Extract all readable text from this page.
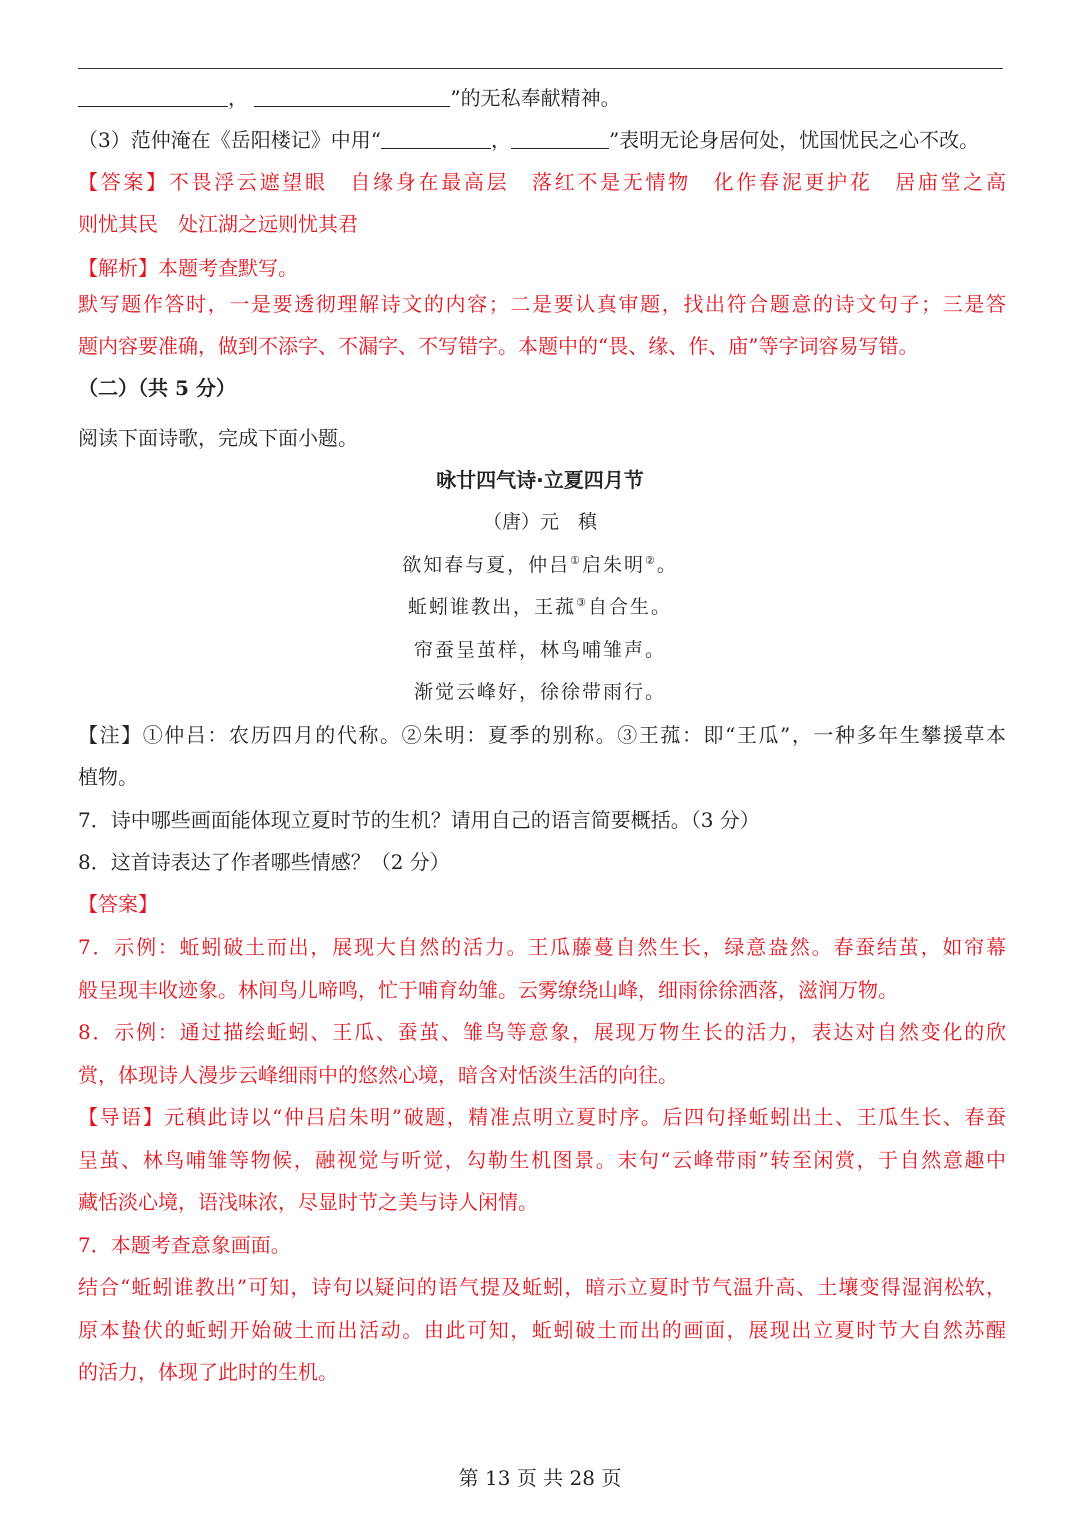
，	”的无私奉献精神。
（3）范仲淹在《岳阳楼记》中用“	，	”表明无论身居何处，忧国忧民之心不改。
【答案】不畏浮云遮望眼　自缘身在最高层　落红不是无情物　化作春泥更护花　居庙堂之高
则忧其民　处江湖之远则忧其君
【解析】本题考查默写。
默写题作答时，一是要透彻理解诗文的内容；二是要认真审题，找出符合题意的诗文句子；三是答
题内容要准确，做到不添字、不漏字、不写错字。本题中的“畏、缘、作、庙”等字词容易写错。
（二）（共 5 分）
阅读下面诗歌，完成下面小题。
咏廿四气诗·立夏四月节
（唐）元　稹
欲知春与夏，仲吕①启朱明②。
蚯蚓谁教出，王菰③自合生。
帘蚕呈茧样，林鸟哺雏声。
渐觉云峰好，徐徐带雨行。
【注】①仲吕：农历四月的代称。②朱明：夏季的别称。③王菰：即“王瓜”，一种多年生攀援草本
植物。
7．诗中哪些画面能体现立夏时节的生机？请用自己的语言简要概括。（3 分）
8．这首诗表达了作者哪些情感？（2 分）
【答案】
7．示例：蚯蚓破土而出，展现大自然的活力。王瓜藤蔓自然生长，绿意盎然。春蚕结茧，如帘幕
般呈现丰收迹象。林间鸟儿啼鸣，忙于哺育幼雏。云雾缭绕山峰，细雨徐徐洒落，滋润万物。
8．示例：通过描绘蚯蚓、王瓜、蚕茧、雏鸟等意象，展现万物生长的活力，表达对自然变化的欣
赏，体现诗人漫步云峰细雨中的悠然心境，暗含对恬淡生活的向往。
【导语】元稹此诗以“仲吕启朱明”破题，精准点明立夏时序。后四句择蚯蚓出土、王瓜生长、春蚕
呈茧、林鸟哺雏等物候，融视觉与听觉，勾勒生机图景。末句“云峰带雨”转至闲赏，于自然意趣中
藏恬淡心境，语浅味浓，尽显时节之美与诗人闲情。
7．本题考查意象画面。
结合“蚯蚓谁教出”可知，诗句以疑问的语气提及蚯蚓，暗示立夏时节气温升高、土壤变得湿润松软，
原本蛰伏的蚯蚓开始破土而出活动。由此可知，蚯蚓破土而出的画面，展现出立夏时节大自然苏醒
的活力，体现了此时的生机。
第 13 页 共 28 页
